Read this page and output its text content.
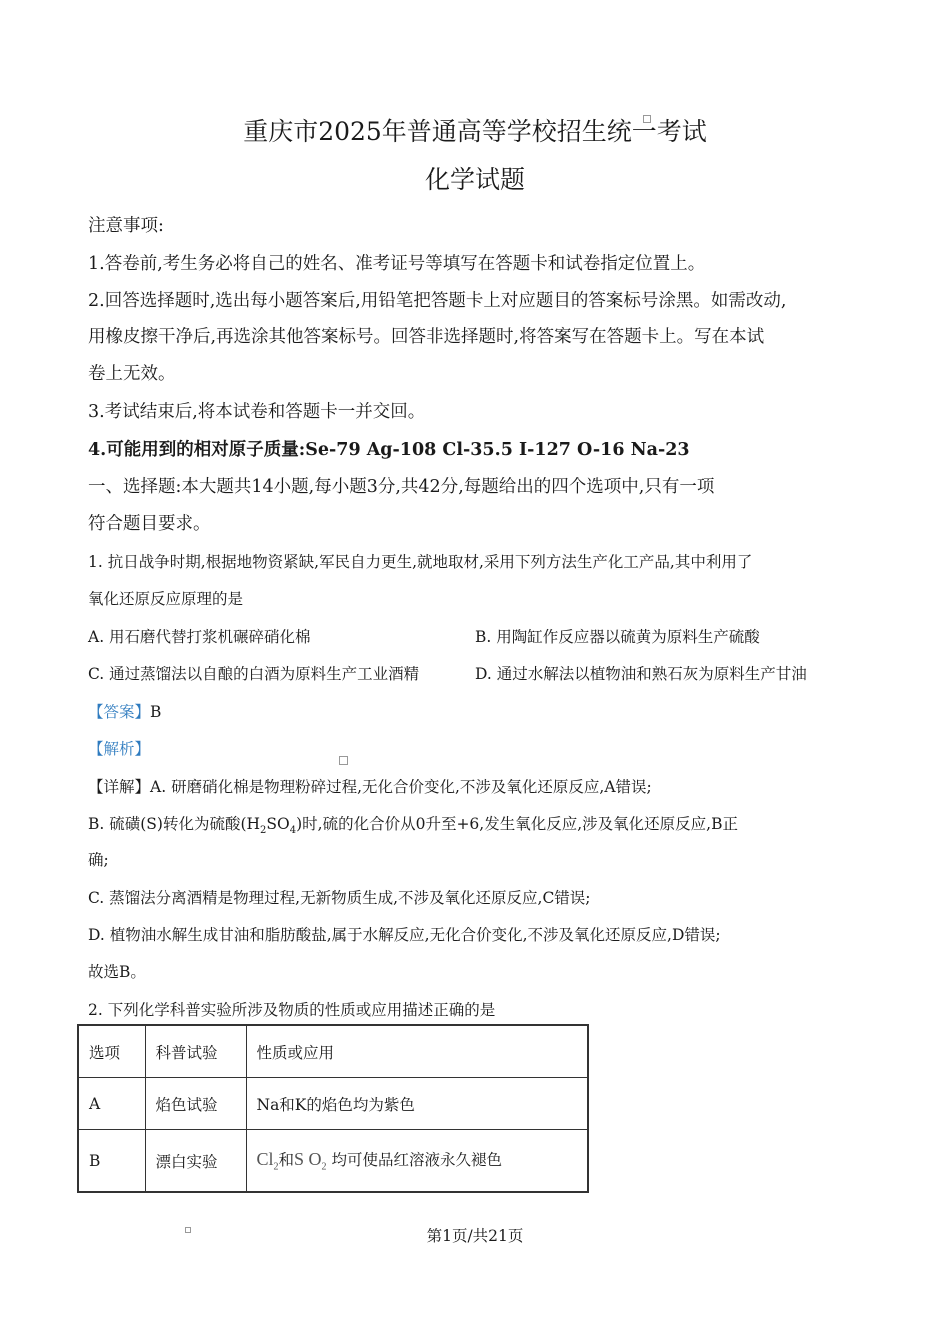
重庆市2025年普通高等学校招生统一考试
化学试题
注意事项:
1.答卷前,考生务必将自己的姓名、准考证号等填写在答题卡和试卷指定位置上。
2.回答选择题时,选出每小题答案后,用铅笔把答题卡上对应题目的答案标号涂黑。如需改动,
用橡皮擦干净后,再选涂其他答案标号。回答非选择题时,将答案写在答题卡上。写在本试
卷上无效。
3.考试结束后,将本试卷和答题卡一并交回。
4.可能用到的相对原子质量:Se-79 Ag-108 Cl-35.5 I-127 O-16 Na-23
一、选择题:本大题共14小题,每小题3分,共42分,每题给出的四个选项中,只有一项
符合题目要求。
1. 抗日战争时期,根据地物资紧缺,军民自力更生,就地取材,采用下列方法生产化工产品,其中利用了
氧化还原反应原理的是
A. 用石磨代替打浆机碾碎硝化棉	B. 用陶缸作反应器以硫黄为原料生产硫酸
C. 通过蒸馏法以自酿的白酒为原料生产工业酒精	D. 通过水解法以植物油和熟石灰为原料生产甘油
【答案】B
【解析】
【详解】A. 研磨硝化棉是物理粉碎过程,无化合价变化,不涉及氧化还原反应,A错误;
B. 硫磺(S)转化为硫酸$(H_2SO_4)$时,硫的化合价从0升至+6,发生氧化反应,涉及氧化还原反应,B正
确;
C. 蒸馏法分离酒精是物理过程,无新物质生成,不涉及氧化还原反应,C错误;
D. 植物油水解生成甘油和脂肪酸盐,属于水解反应,无化合价变化,不涉及氧化还原反应,D错误;
故选B。
2. 下列化学科普实验所涉及物质的性质或应用描述正确的是
选项	科普试验	性质或应用
A	焰色试验	Na和K的焰色均为紫色
B	漂白实验	$Cl_2$和S $O_2$ 均可使品红溶液永久褪色
第1页/共21页
